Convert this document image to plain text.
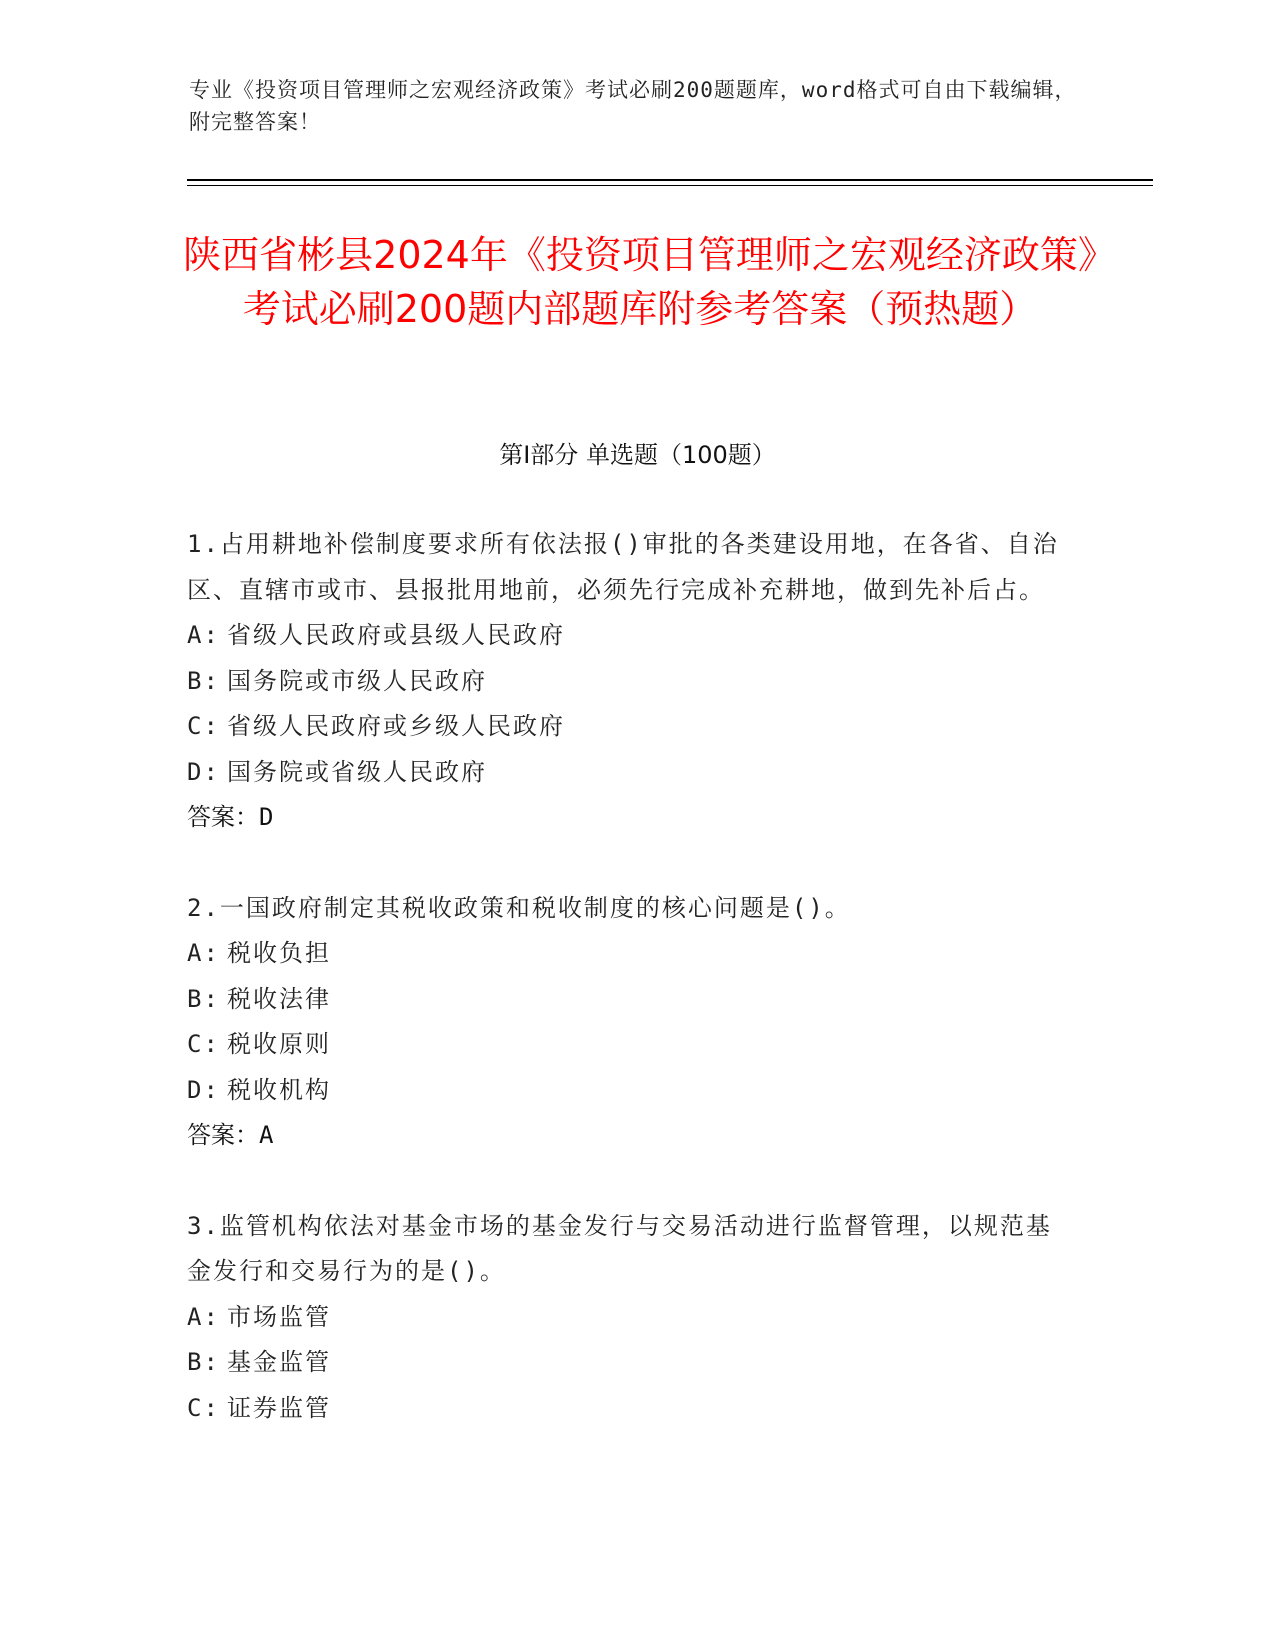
专业《投资项目管理师之宏观经济政策》考试必刷200题题库，word格式可自由下载编辑，附完整答案！
陕西省彬县2024年《投资项目管理师之宏观经济政策》考试必刷200题内部题库附参考答案（预热题）
第Ⅰ部分 单选题（100题）
1.占用耕地补偿制度要求所有依法报()审批的各类建设用地，在各省、自治区、直辖市或市、县报批用地前，必须先行完成补充耕地，做到先补后占。
A: 省级人民政府或县级人民政府
B: 国务院或市级人民政府
C: 省级人民政府或乡级人民政府
D: 国务院或省级人民政府
答案：D
2.一国政府制定其税收政策和税收制度的核心问题是()。
A: 税收负担
B: 税收法律
C: 税收原则
D: 税收机构
答案：A
3.监管机构依法对基金市场的基金发行与交易活动进行监督管理，以规范基金发行和交易行为的是()。
A: 市场监管
B: 基金监管
C: 证券监管
